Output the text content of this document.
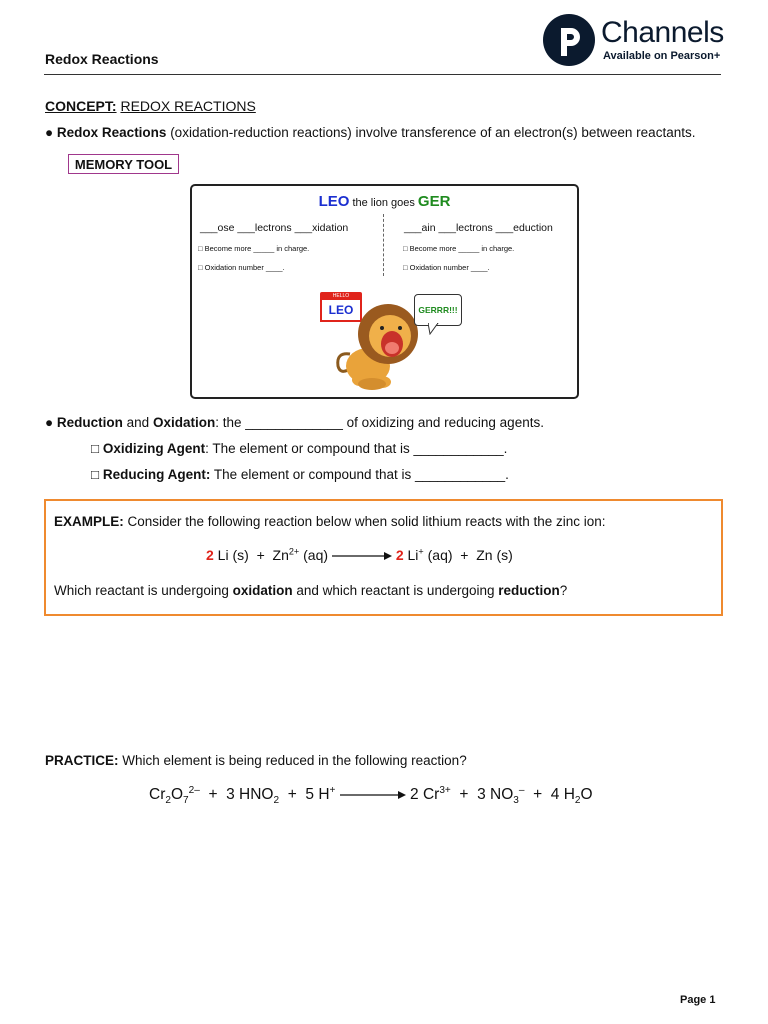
Redox Reactions
Channels
Available on Pearson+
CONCEPT: REDOX REACTIONS
● Redox Reactions (oxidation-reduction reactions) involve transference of an electron(s) between reactants.
MEMORY TOOL
LEO the lion goes GER
___ose ___lectrons ___xidation
□ Become more _____ in charge.
□ Oxidation number ____.
___ain ___lectrons ___eduction
□ Become more _____ in charge.
□ Oxidation number ____.
HELLO
LEO	GERRR!!!
● Reduction and Oxidation: the _____________ of oxidizing and reducing agents.
□ Oxidizing Agent: The element or compound that is ____________.
□ Reducing Agent: The element or compound that is ____________.
EXAMPLE: Consider the following reaction below when solid lithium reacts with the zinc ion:
2 Li $(s) + Zn^{2+}$ (aq)	2 Li+ (aq)  +  Zn (s)
Which reactant is undergoing oxidation and which reactant is undergoing reduction?
PRACTICE: Which element is being reduced in the following reaction?
$Cr_2O_7^{2-} + 3$ $HNO_2 + 5$ H+	2 $Cr^{3+} + 3$ $NO_3^- + 4$ $H_2O$
Page 1
